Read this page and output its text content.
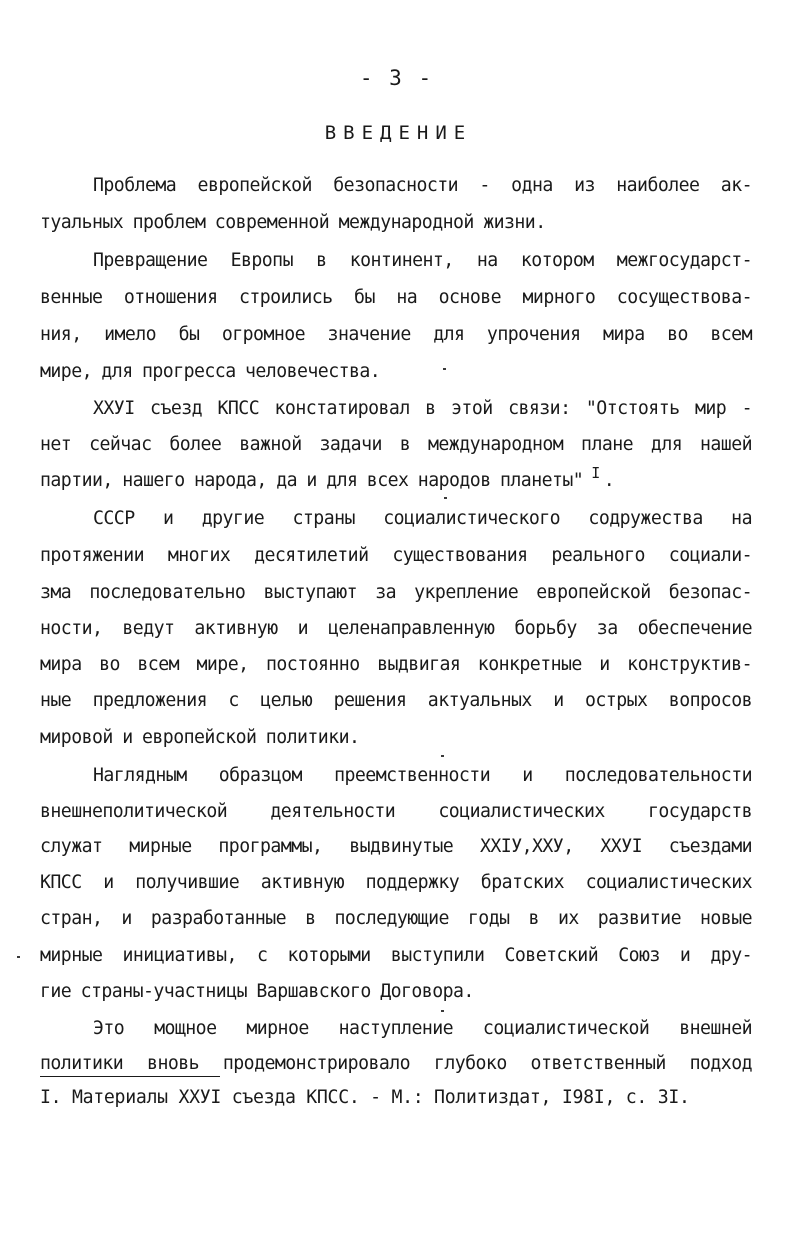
- 3 -
ВВЕДЕНИЕ
Проблема европейской безопасности - одна из наиболее ак-
туальных проблем современной международной жизни.
Превращение Европы в континент, на котором межгосударст-
венные отношения строились бы на основе мирного сосуществова-
ния, имело бы огромное значение для упрочения мира во всем
мире, для прогресса человечества.
ХХУI съезд КПСС констатировал в этой связи: "Отстоять мир -
нет сейчас более важной задачи в международном плане для нашей
партии, нашего народа, да и для всех народов планеты" $^I$ .
СССР и другие страны социалистического содружества на
протяжении многих десятилетий существования реального социали-
зма последовательно выступают за укрепление европейской безопас-
ности, ведут активную и целенаправленную борьбу за обеспечение
мира во всем мире, постоянно выдвигая конкретные и конструктив-
ные предложения с целью решения актуальных и острых вопросов
мировой и европейской политики.
Наглядным образцом преемственности и последовательности
внешнеполитической деятельности социалистических государств
служат мирные программы, выдвинутые ХХIУ,ХХУ, ХХУI съездами
КПСС и получившие активную поддержку братских социалистических
стран, и разработанные в последующие годы в их развитие новые
мирные инициативы, с которыми выступили Советский Союз и дру-
гие страны-участницы Варшавского Договора.
Это мощное мирное наступление социалистической внешней
политики вновь продемонстрировало глубоко ответственный подход
I. Материалы ХХУI съезда КПСС. - М.: Политиздат, I98I, с. 3I.
